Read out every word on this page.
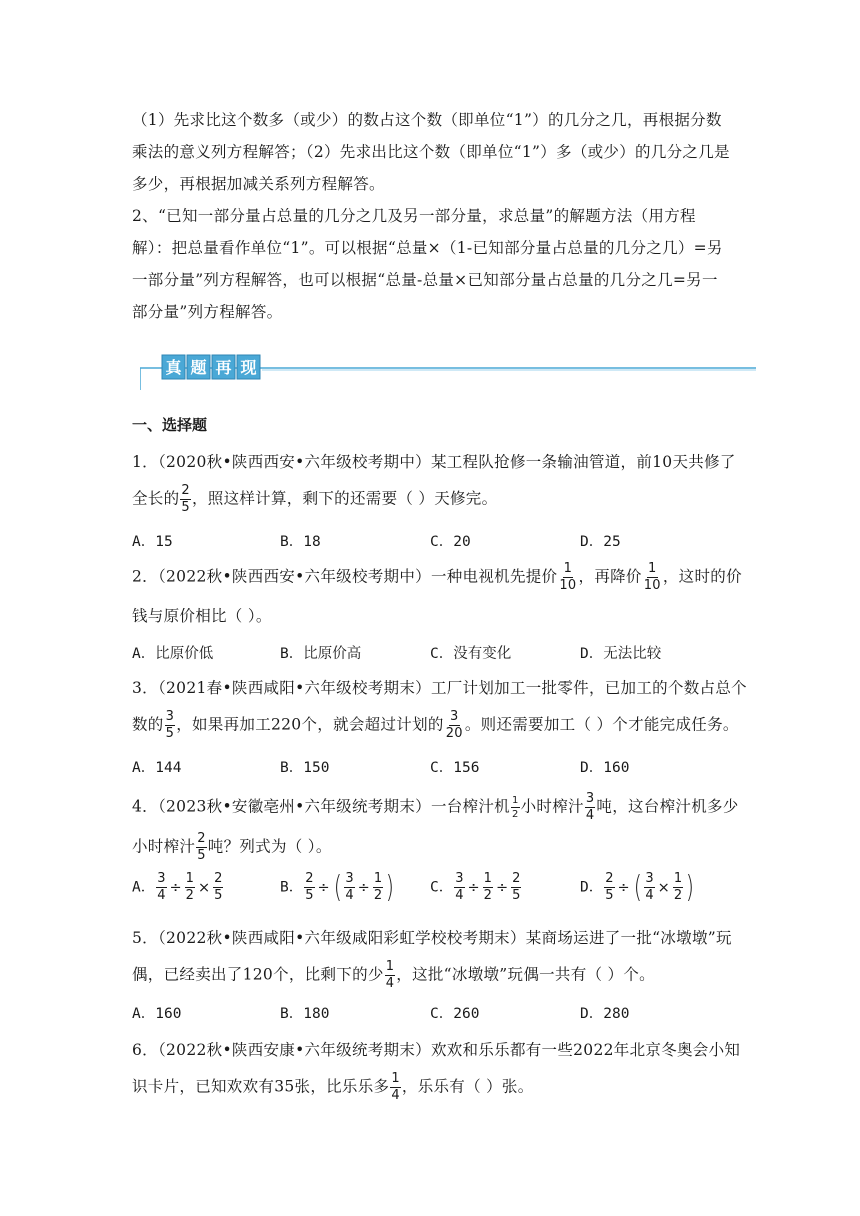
（1）先求比这个数多（或少）的数占这个数（即单位“1”）的几分之几，再根据分数乘法的意义列方程解答；（2）先求出比这个数（即单位“1”）多（或少）的几分之几是多少，再根据加减关系列方程解答。
2、“已知一部分量占总量的几分之几及另一部分量，求总量”的解题方法（用方程解）：把总量看作单位“1”。可以根据“总量×（1-已知部分量占总量的几分之几）=另一部分量”列方程解答，也可以根据“总量-总量×已知部分量占总量的几分之几=另一部分量”列方程解答。
真 题 再 现
一、选择题
1．（2020秋•陕西西安•六年级校考期中）某工程队抢修一条输油管道，前10天共修了
全长的 $\frac{2}{5}$ ，照这样计算，剩下的还需要（ ）天修完。
A．15	B．18	C．20	D．25
2．（2022秋•陕西西安•六年级校考期中）一种电视机先提价 $\frac{1}{10}$ ，再降价 $\frac{1}{10}$ ，这时的价
钱与原价相比（ ）。
A．比原价低	B．比原价高	C．没有变化	D．无法比较
3．（2021春•陕西咸阳•六年级校考期末）工厂计划加工一批零件，已加工的个数占总个
数的 $\frac{3}{5}$ ，如果再加工220个，就会超过计划的 $\frac{3}{20}$ 。则还需要加工（ ）个才能完成任务。
A．144	B．150	C．156	D．160
4．（2023秋•安徽亳州•六年级统考期末）一台榨汁机 $\frac{1}{2}$ 小时榨汁 $\frac{3}{4}$ 吨，这台榨汁机多少
小时榨汁 $\frac{2}{5}$ 吨？列式为（ ）。
A． $\frac{3}{4} \div \frac{1}{2} \times \frac{2}{5}$	B． $\frac{2}{5}$ ÷ ( $\frac{3}{4} \div \frac{1}{2}$ ) C． $\frac{3}{4} \div \frac{1}{2} \div \frac{2}{5}$	D． $\frac{2}{5}$ ÷ ( $\frac{3}{4} \times \frac{1}{2}$ )
5．（2022秋•陕西咸阳•六年级咸阳彩虹学校校考期末）某商场运进了一批“冰墩墩”玩
偶，已经卖出了120个，比剩下的少 $\frac{1}{4}$ ，这批“冰墩墩”玩偶一共有（ ）个。
A．160	B．180	C．260	D．280
6．（2022秋•陕西安康•六年级统考期末）欢欢和乐乐都有一些2022年北京冬奥会小知
识卡片，已知欢欢有35张，比乐乐多 $\frac{1}{4}$ ，乐乐有（ ）张。
